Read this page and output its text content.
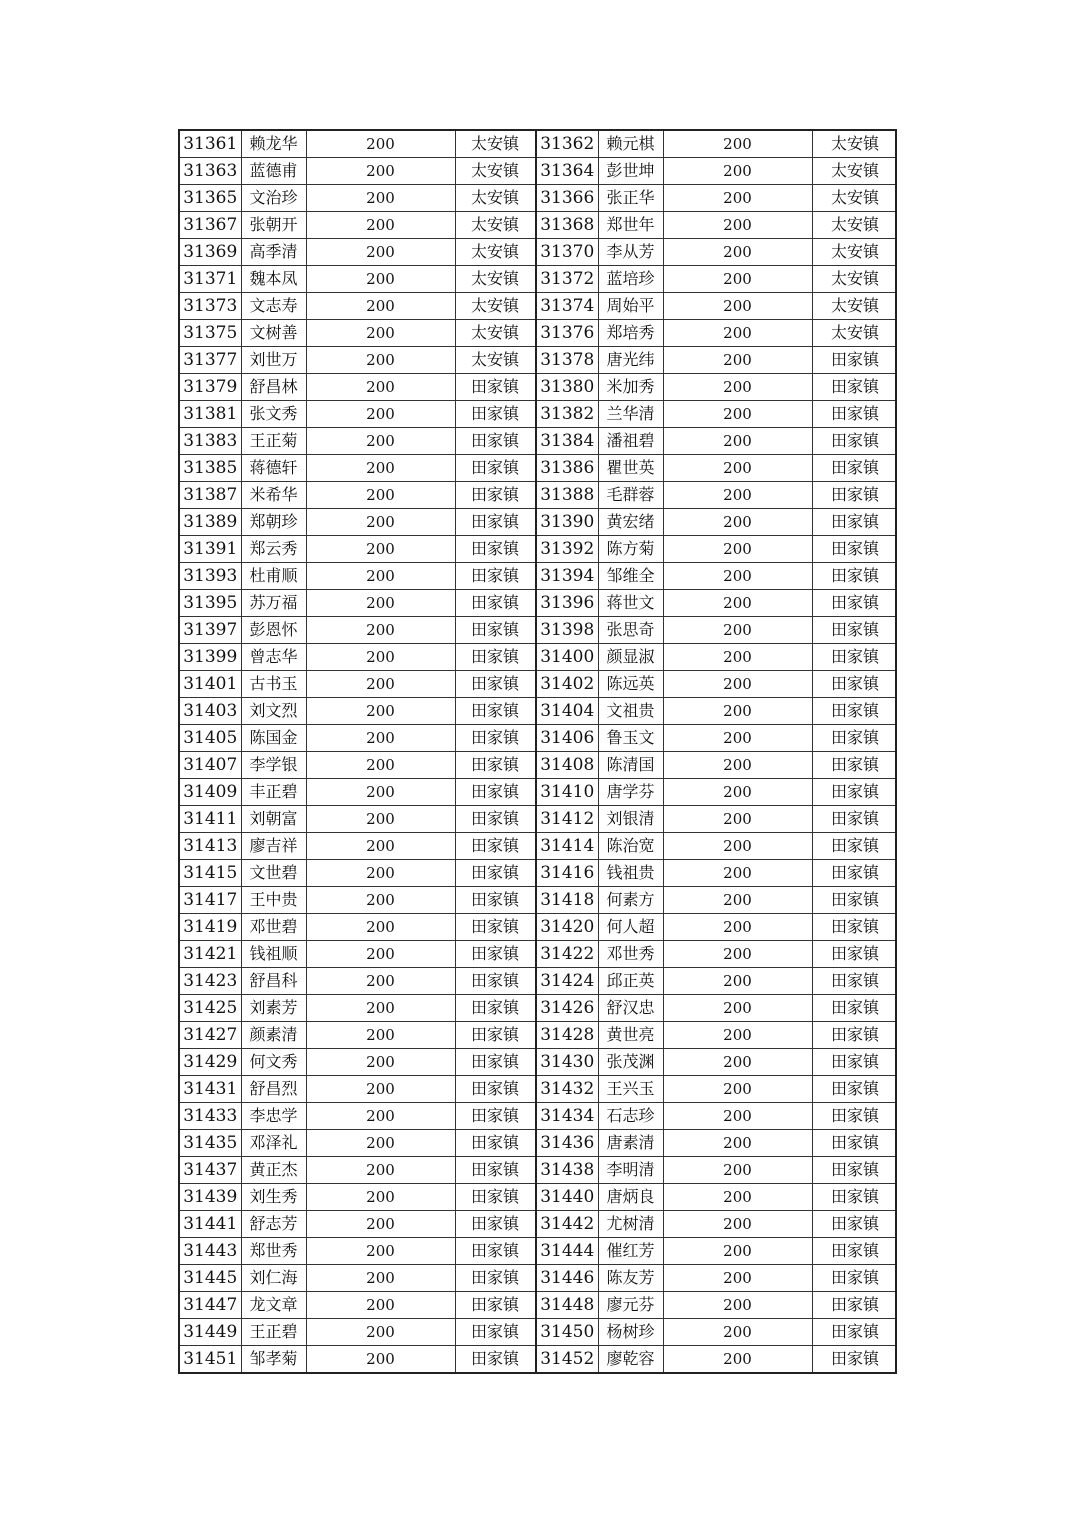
31361	赖龙华	200	太安镇	31362	赖元棋	200	太安镇
31363	蓝德甫	200	太安镇	31364	彭世坤	200	太安镇
31365	文治珍	200	太安镇	31366	张正华	200	太安镇
31367	张朝开	200	太安镇	31368	郑世年	200	太安镇
31369	高季清	200	太安镇	31370	李从芳	200	太安镇
31371	魏本凤	200	太安镇	31372	蓝培珍	200	太安镇
31373	文志寿	200	太安镇	31374	周始平	200	太安镇
31375	文树善	200	太安镇	31376	郑培秀	200	太安镇
31377	刘世万	200	太安镇	31378	唐光纬	200	田家镇
31379	舒昌林	200	田家镇	31380	米加秀	200	田家镇
31381	张文秀	200	田家镇	31382	兰华清	200	田家镇
31383	王正菊	200	田家镇	31384	潘祖碧	200	田家镇
31385	蒋德轩	200	田家镇	31386	瞿世英	200	田家镇
31387	米希华	200	田家镇	31388	毛群蓉	200	田家镇
31389	郑朝珍	200	田家镇	31390	黄宏绪	200	田家镇
31391	郑云秀	200	田家镇	31392	陈方菊	200	田家镇
31393	杜甫顺	200	田家镇	31394	邹维全	200	田家镇
31395	苏万福	200	田家镇	31396	蒋世文	200	田家镇
31397	彭恩怀	200	田家镇	31398	张思奇	200	田家镇
31399	曾志华	200	田家镇	31400	颜显淑	200	田家镇
31401	古书玉	200	田家镇	31402	陈远英	200	田家镇
31403	刘文烈	200	田家镇	31404	文祖贵	200	田家镇
31405	陈国金	200	田家镇	31406	鲁玉文	200	田家镇
31407	李学银	200	田家镇	31408	陈清国	200	田家镇
31409	丰正碧	200	田家镇	31410	唐学芬	200	田家镇
31411	刘朝富	200	田家镇	31412	刘银清	200	田家镇
31413	廖吉祥	200	田家镇	31414	陈治宽	200	田家镇
31415	文世碧	200	田家镇	31416	钱祖贵	200	田家镇
31417	王中贵	200	田家镇	31418	何素方	200	田家镇
31419	邓世碧	200	田家镇	31420	何人超	200	田家镇
31421	钱祖顺	200	田家镇	31422	邓世秀	200	田家镇
31423	舒昌科	200	田家镇	31424	邱正英	200	田家镇
31425	刘素芳	200	田家镇	31426	舒汉忠	200	田家镇
31427	颜素清	200	田家镇	31428	黄世亮	200	田家镇
31429	何文秀	200	田家镇	31430	张茂渊	200	田家镇
31431	舒昌烈	200	田家镇	31432	王兴玉	200	田家镇
31433	李忠学	200	田家镇	31434	石志珍	200	田家镇
31435	邓泽礼	200	田家镇	31436	唐素清	200	田家镇
31437	黄正杰	200	田家镇	31438	李明清	200	田家镇
31439	刘生秀	200	田家镇	31440	唐炳良	200	田家镇
31441	舒志芳	200	田家镇	31442	尤树清	200	田家镇
31443	郑世秀	200	田家镇	31444	催红芳	200	田家镇
31445	刘仁海	200	田家镇	31446	陈友芳	200	田家镇
31447	龙文章	200	田家镇	31448	廖元芬	200	田家镇
31449	王正碧	200	田家镇	31450	杨树珍	200	田家镇
31451	邹孝菊	200	田家镇	31452	廖乾容	200	田家镇
